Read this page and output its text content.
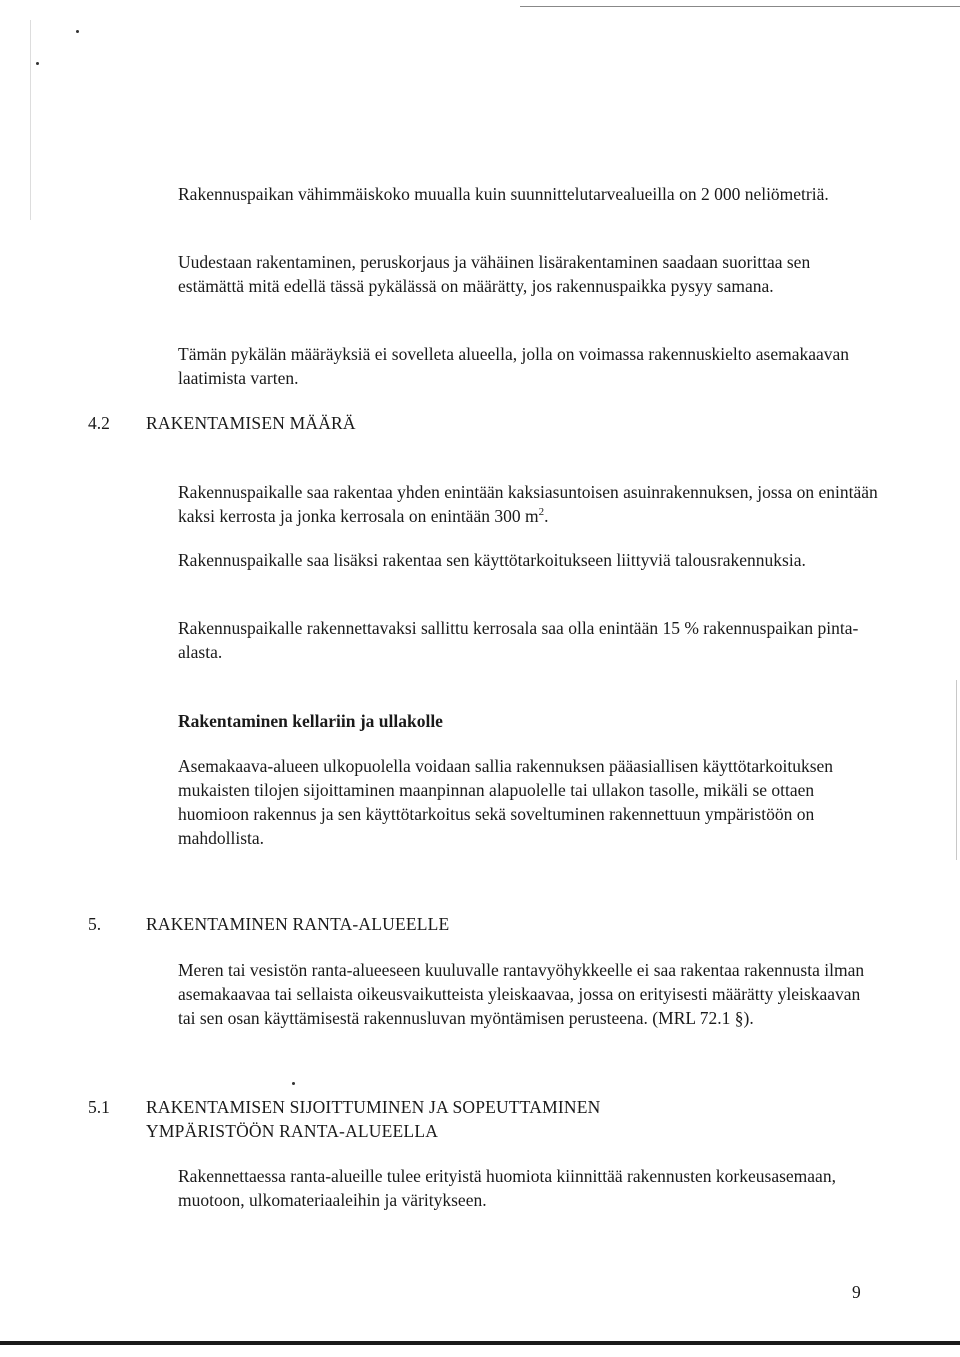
Rakennuspaikan vähimmäiskoko muualla kuin suunnittelutarvealueilla on 2 000 neliömetriä.

Uudestaan rakentaminen, peruskorjaus ja vähäinen lisärakentaminen saadaan suorittaa sen estämättä mitä edellä tässä pykälässä on määrätty, jos rakennuspaikka pysyy samana.

Tämän pykälän määräyksiä ei sovelleta alueella, jolla on voimassa rakennuskielto asemakaavan laatimista varten.

4.2 RAKENTAMISEN MÄÄRÄ

Rakennuspaikalle saa rakentaa yhden enintään kaksiasuntoisen asuinrakennuksen, jossa on enintään kaksi kerrosta ja jonka kerrosala on enintään 300 $m^2$.

Rakennuspaikalle saa lisäksi rakentaa sen käyttötarkoitukseen liittyviä talousrakennuksia.

Rakennuspaikalle rakennettavaksi sallittu kerrosala saa olla enintään 15 % rakennuspaikan pinta-alasta.

Rakentaminen kellariin ja ullakolle

Asemakaava-alueen ulkopuolella voidaan sallia rakennuksen pääasiallisen käyttötarkoituksen mukaisten tilojen sijoittaminen maanpinnan alapuolelle tai ullakon tasolle, mikäli se ottaen huomioon rakennus ja sen käyttötarkoitus sekä soveltuminen rakennettuun ympäristöön on mahdollista.

5.	RAKENTAMINEN RANTA-ALUEELLE

Meren tai vesistön ranta-alueeseen kuuluvalle rantavyöhykkeelle ei saa rakentaa rakennusta ilman asemakaavaa tai sellaista oikeusvaikutteista yleiskaavaa, jossa on erityisesti määrätty yleiskaavan tai sen osan käyttämisestä rakennusluvan myöntämisen perusteena. (MRL 72.1 §).

5.1 RAKENTAMISEN SIJOITTUMINEN JA SOPEUTTAMINEN
YMPÄRISTÖÖN RANTA-ALUEELLA

Rakennettaessa ranta-alueille tulee erityistä huomiota kiinnittää rakennusten korkeusasemaan, muotoon, ulkomateriaaleihin ja väritykseen.

9
